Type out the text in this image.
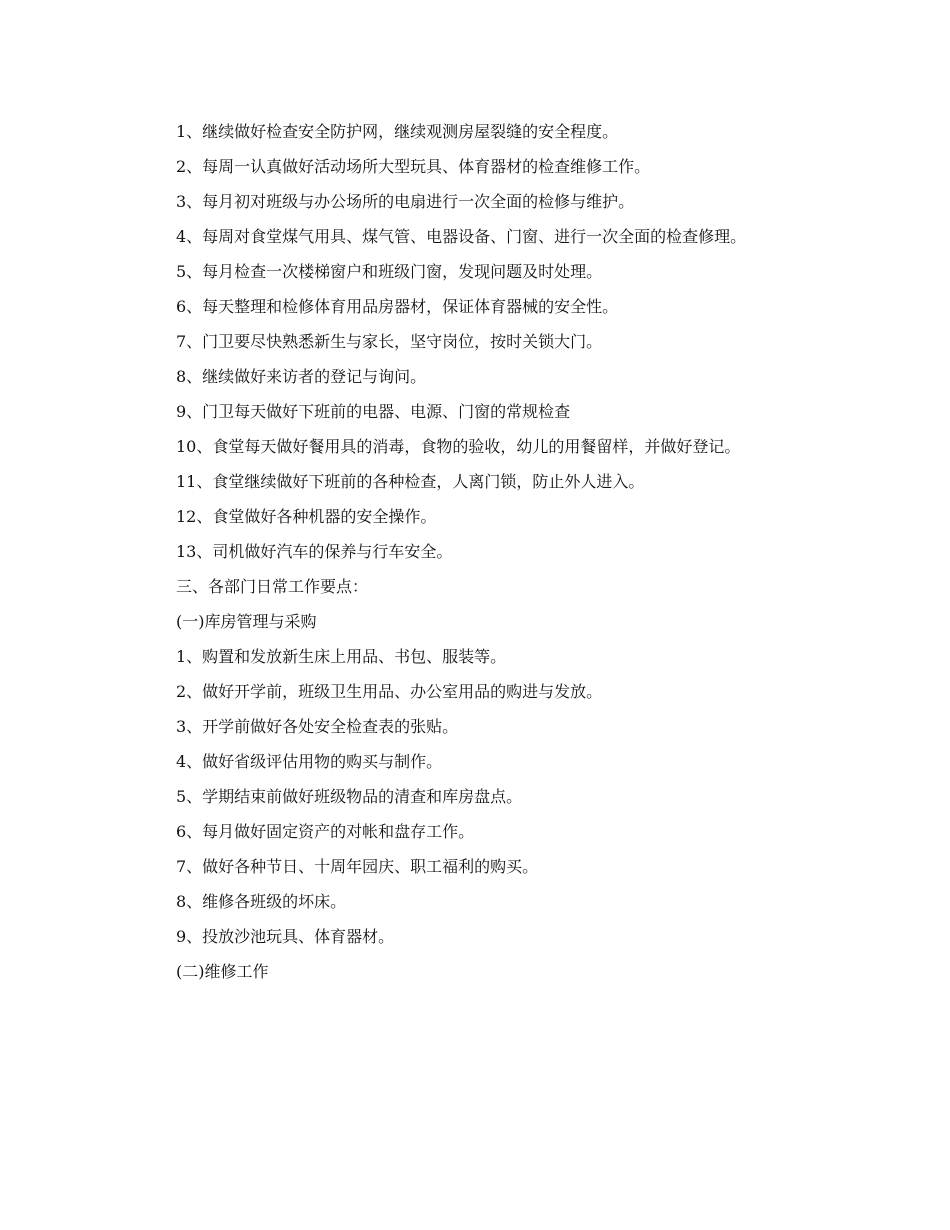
1、继续做好检查安全防护网，继续观测房屋裂缝的安全程度。

2、每周一认真做好活动场所大型玩具、体育器材的检查维修工作。

3、每月初对班级与办公场所的电扇进行一次全面的检修与维护。

4、每周对食堂煤气用具、煤气管、电器设备、门窗、进行一次全面的检查修理。

5、每月检查一次楼梯窗户和班级门窗，发现问题及时处理。

6、每天整理和检修体育用品房器材，保证体育器械的安全性。

7、门卫要尽快熟悉新生与家长，坚守岗位，按时关锁大门。

8、继续做好来访者的登记与询问。

9、门卫每天做好下班前的电器、电源、门窗的常规检查

10、食堂每天做好餐用具的消毒，食物的验收，幼儿的用餐留样，并做好登记。

11、食堂继续做好下班前的各种检查，人离门锁，防止外人进入。

12、食堂做好各种机器的安全操作。

13、司机做好汽车的保养与行车安全。

三、各部门日常工作要点：

(一)库房管理与采购

1、购置和发放新生床上用品、书包、服装等。

2、做好开学前，班级卫生用品、办公室用品的购进与发放。

3、开学前做好各处安全检查表的张贴。

4、做好省级评估用物的购买与制作。

5、学期结束前做好班级物品的清查和库房盘点。

6、每月做好固定资产的对帐和盘存工作。

7、做好各种节日、十周年园庆、职工福利的购买。

8、维修各班级的坏床。

9、投放沙池玩具、体育器材。

(二)维修工作
